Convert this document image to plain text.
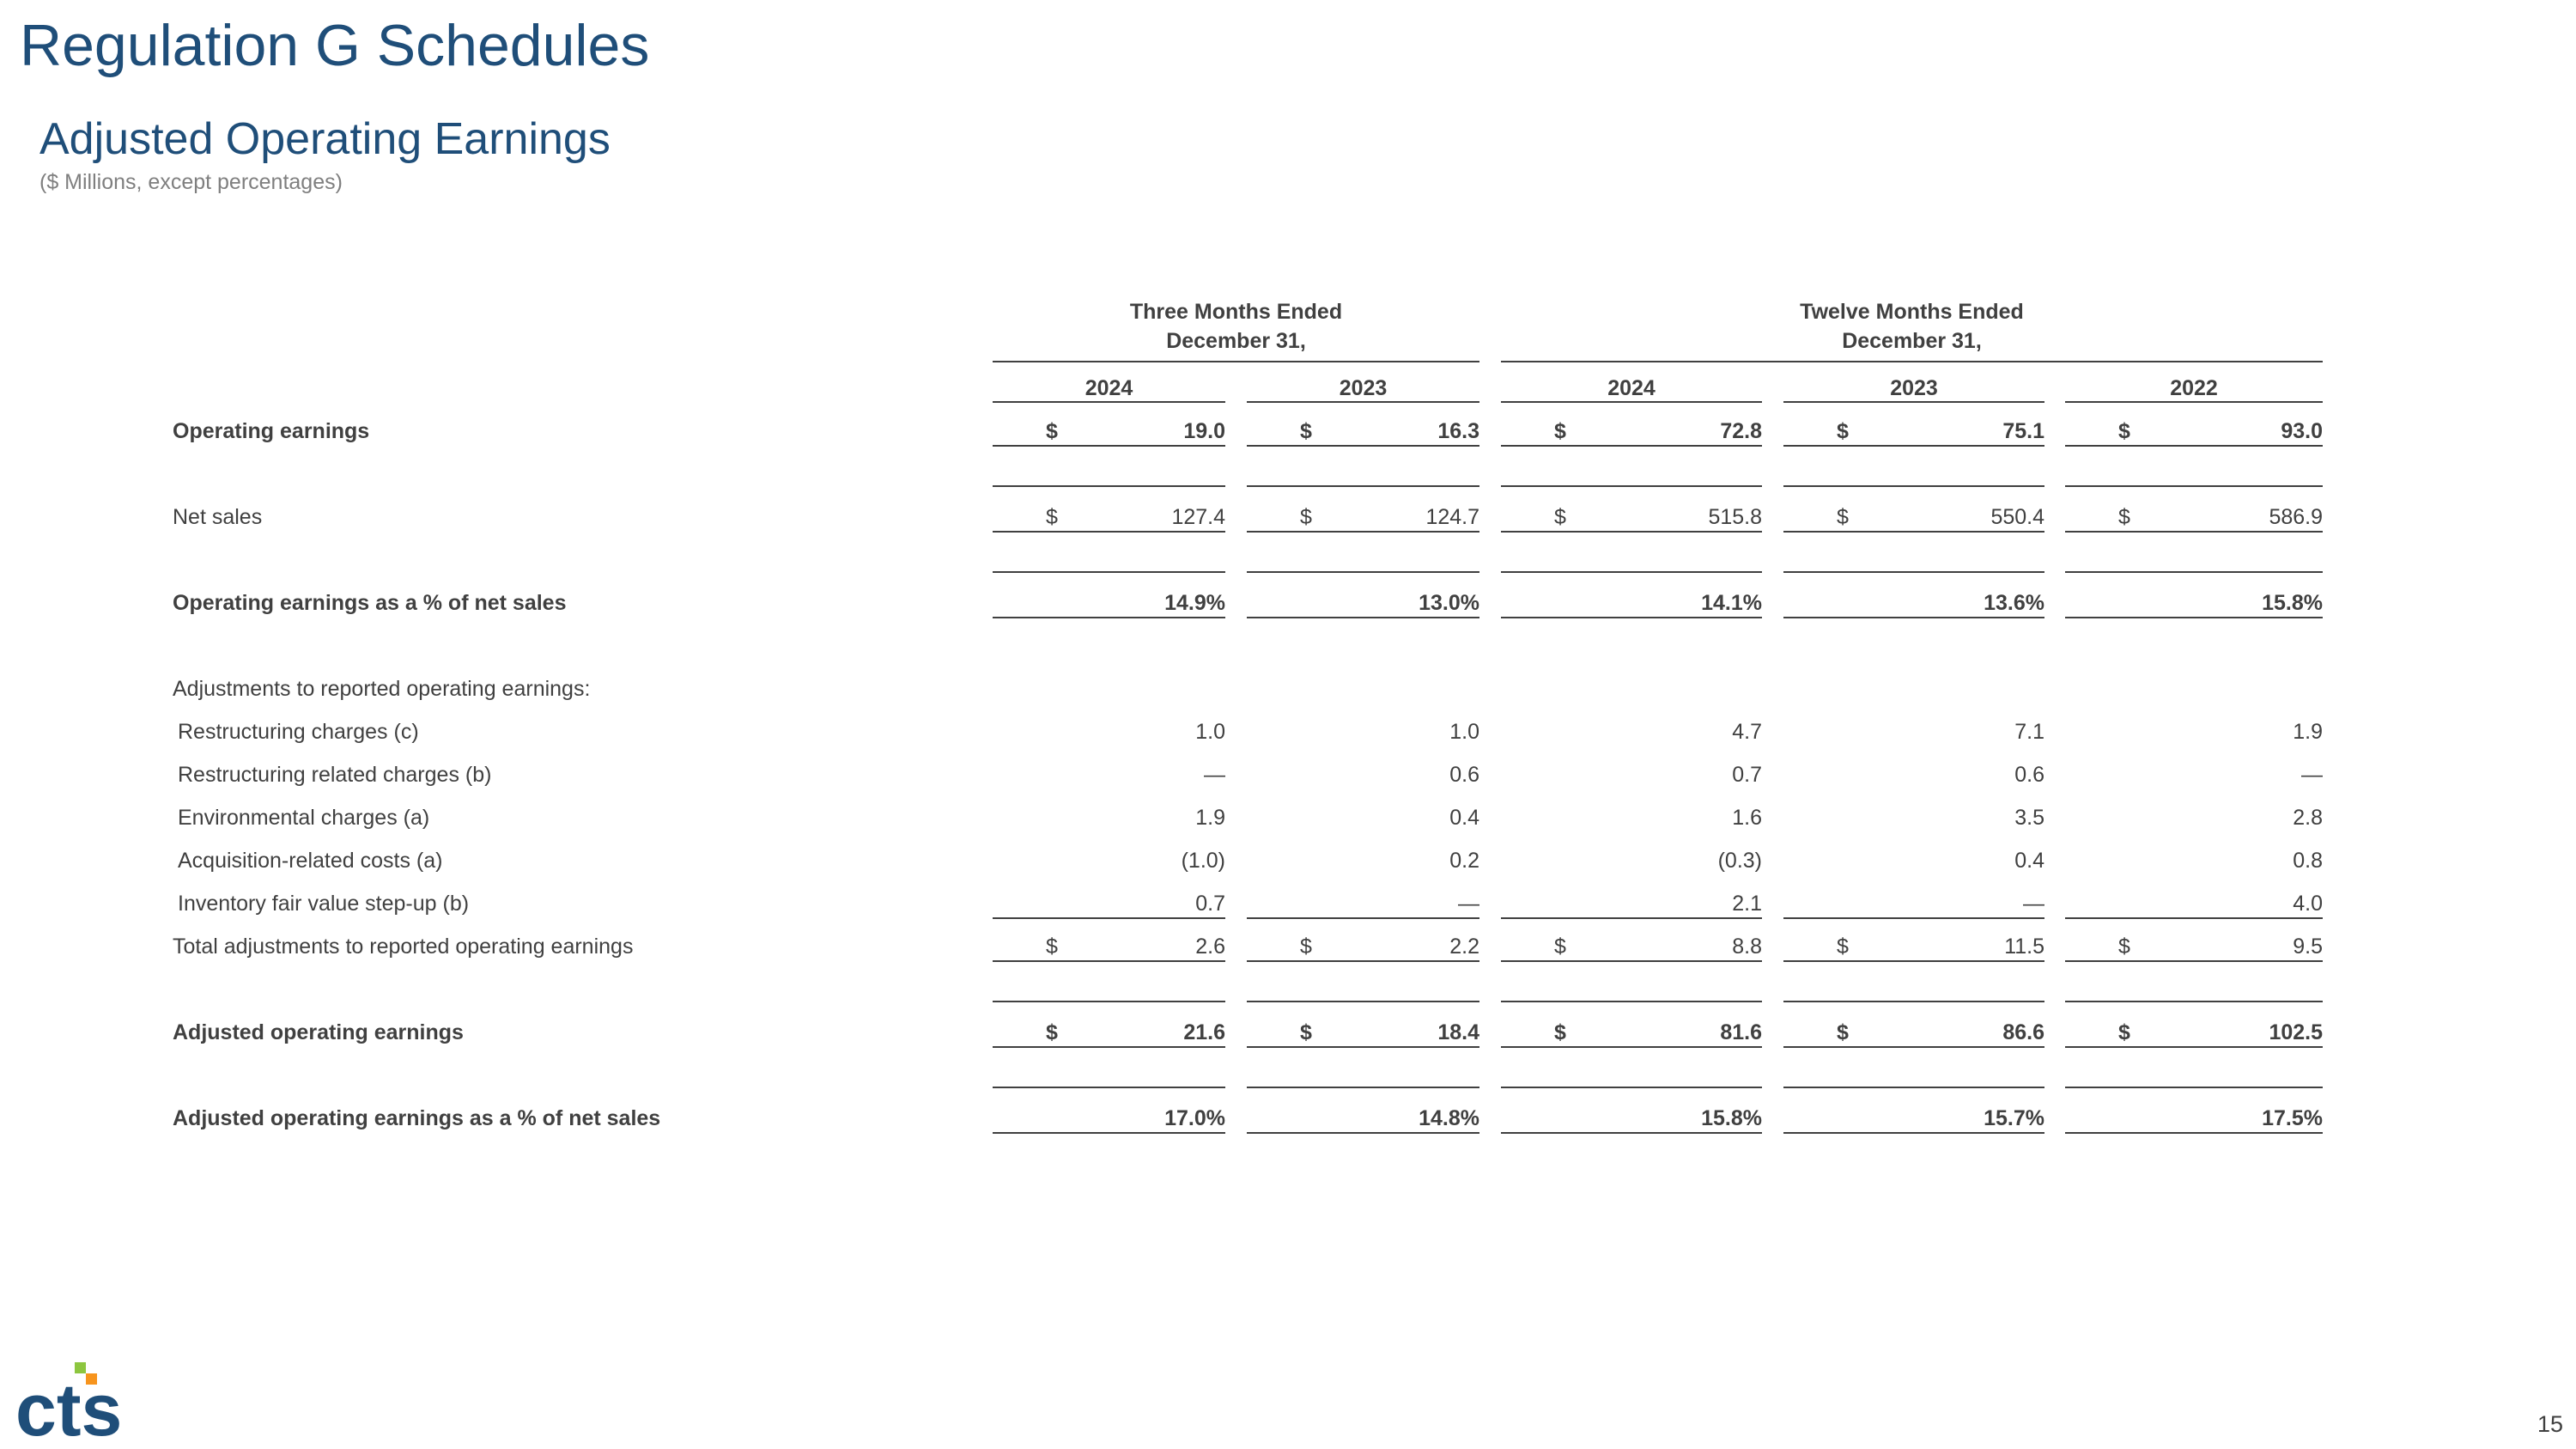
Regulation G Schedules
Adjusted Operating Earnings
($ Millions, except percentages)
Three Months Ended
December 31,
Twelve Months Ended
December 31,
2024	2023	2024	2023	2022
Operating earnings	$	19.0	$	16.3	$	72.8	$	75.1	$	93.0
Net sales	$	127.4	$	124.7	$	515.8	$	550.4	$	586.9
Operating earnings as a % of net sales	14.9%	13.0%	14.1%	13.6%	15.8%
Adjustments to reported operating earnings:
Restructuring charges (c)	1.0	1.0	4.7	7.1	1.9
Restructuring related charges (b)	—	0.6	0.7	0.6	—
Environmental charges (a)	1.9	0.4	1.6	3.5	2.8
Acquisition-related costs (a)	(1.0)	0.2	(0.3)	0.4	0.8
Inventory fair value step-up (b)	0.7	—	2.1	—	4.0
Total adjustments to reported operating earnings	$	2.6	$	2.2	$	8.8	$	11.5	$	9.5
Adjusted operating earnings	$	21.6	$	18.4	$	81.6	$	86.6	$	102.5
Adjusted operating earnings as a % of net sales	17.0%	14.8%	15.8%	15.7%	17.5%
cts	15
